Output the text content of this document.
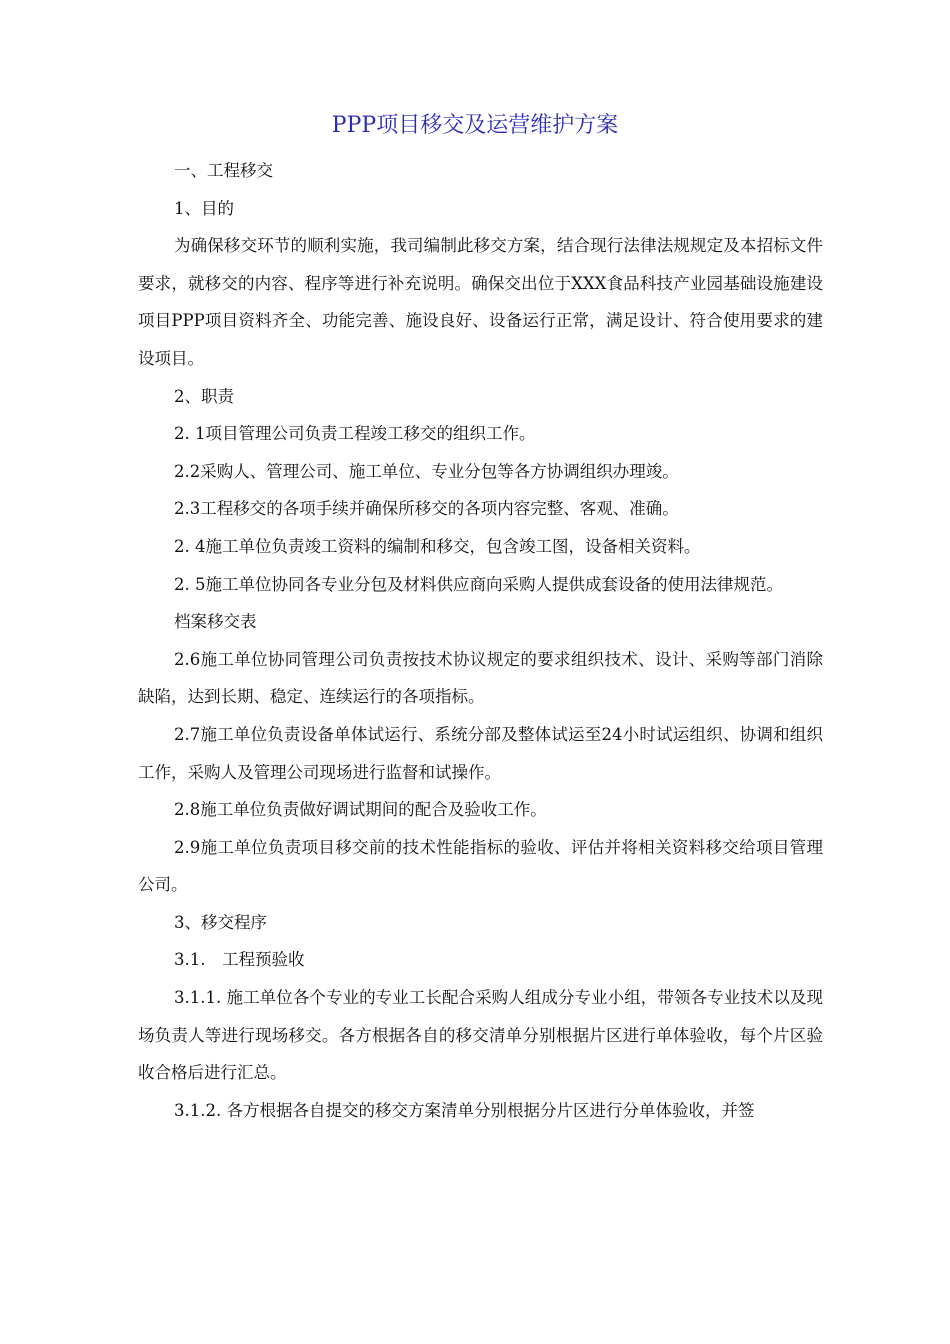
PPP项目移交及运营维护方案

一、工程移交

1、目的

为确保移交环节的顺利实施，我司编制此移交方案，结合现行法律法规规定及本招标文件要求，就移交的内容、程序等进行补充说明。确保交出位于XXX食品科技产业园基础设施建设项目PPP项目资料齐全、功能完善、施设良好、设备运行正常，满足设计、符合使用要求的建设项目。

2、职责

2. 1项目管理公司负责工程竣工移交的组织工作。

2.2采购人、管理公司、施工单位、专业分包等各方协调组织办理竣。

2.3工程移交的各项手续并确保所移交的各项内容完整、客观、准确。

2. 4施工单位负责竣工资料的编制和移交，包含竣工图，设备相关资料。

2. 5施工单位协同各专业分包及材料供应商向采购人提供成套设备的使用法律规范。

档案移交表

2.6施工单位协同管理公司负责按技术协议规定的要求组织技术、设计、采购等部门消除缺陷，达到长期、稳定、连续运行的各项指标。

2.7施工单位负责设备单体试运行、系统分部及整体试运至24小时试运组织、协调和组织工作，采购人及管理公司现场进行监督和试操作。

2.8施工单位负责做好调试期间的配合及验收工作。

2.9施工单位负责项目移交前的技术性能指标的验收、评估并将相关资料移交给项目管理公司。

3、移交程序

3.1.　工程预验收

3.1.1. 施工单位各个专业的专业工长配合采购人组成分专业小组，带领各专业技术以及现场负责人等进行现场移交。各方根据各自的移交清单分别根据片区进行单体验收，每个片区验收合格后进行汇总。

3.1.2. 各方根据各自提交的移交方案清单分别根据分片区进行分单体验收，并签
